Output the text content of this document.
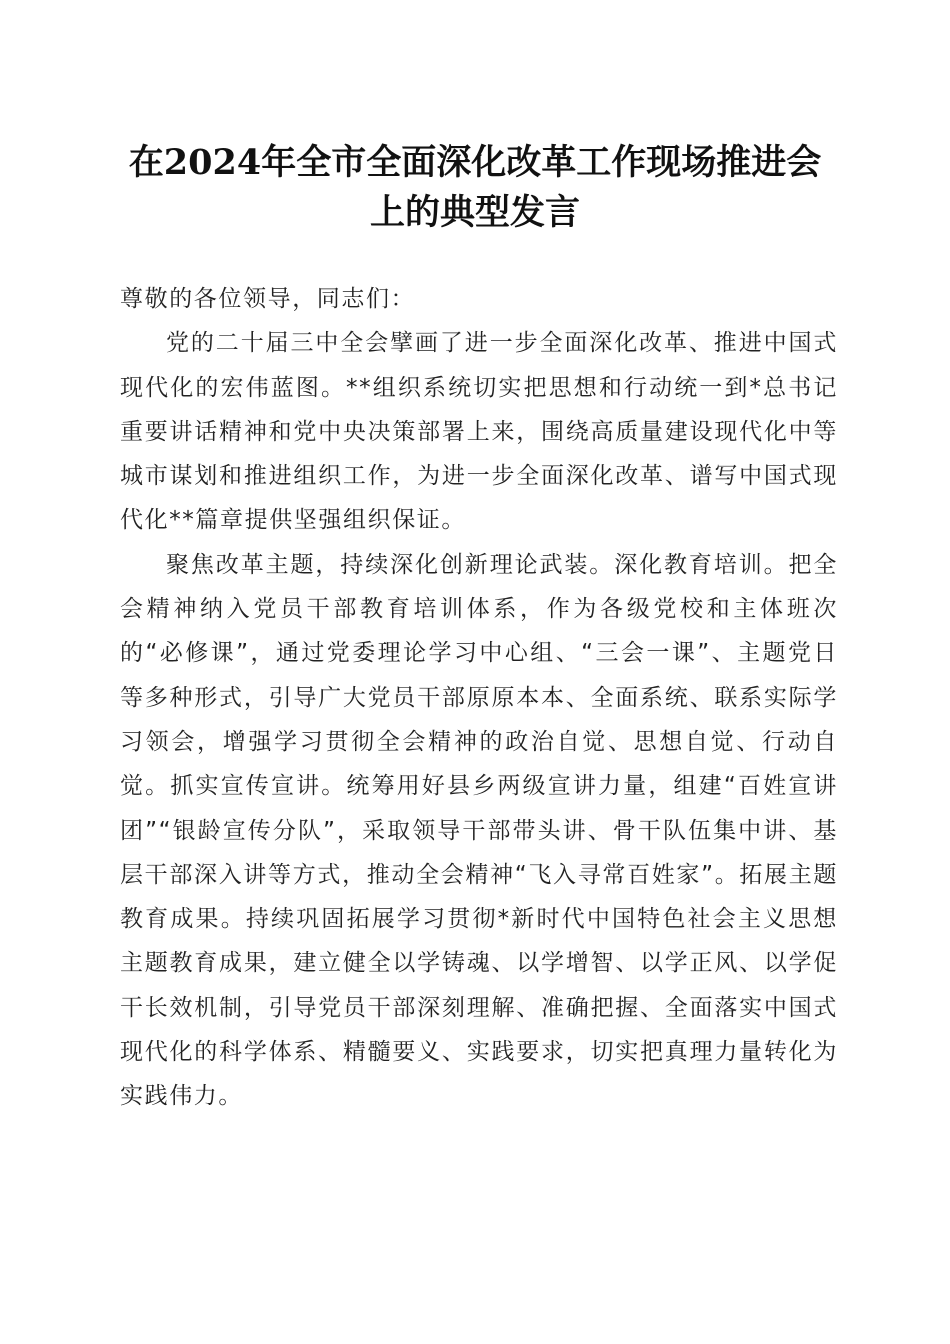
在2024年全市全面深化改革工作现场推进会
上的典型发言

尊敬的各位领导，同志们：

党的二十届三中全会擘画了进一步全面深化改革、推进中国式现代化的宏伟蓝图。**组织系统切实把思想和行动统一到*总书记重要讲话精神和党中央决策部署上来，围绕高质量建设现代化中等城市谋划和推进组织工作，为进一步全面深化改革、谱写中国式现代化**篇章提供坚强组织保证。

聚焦改革主题，持续深化创新理论武装。深化教育培训。把全会精神纳入党员干部教育培训体系，作为各级党校和主体班次的“必修课”，通过党委理论学习中心组、“三会一课”、主题党日等多种形式，引导广大党员干部原原本本、全面系统、联系实际学习领会，增强学习贯彻全会精神的政治自觉、思想自觉、行动自觉。抓实宣传宣讲。统筹用好县乡两级宣讲力量，组建“百姓宣讲团”“银龄宣传分队”，采取领导干部带头讲、骨干队伍集中讲、基层干部深入讲等方式，推动全会精神“飞入寻常百姓家”。拓展主题教育成果。持续巩固拓展学习贯彻*新时代中国特色社会主义思想主题教育成果，建立健全以学铸魂、以学增智、以学正风、以学促干长效机制，引导党员干部深刻理解、准确把握、全面落实中国式现代化的科学体系、精髓要义、实践要求，切实把真理力量转化为实践伟力。
